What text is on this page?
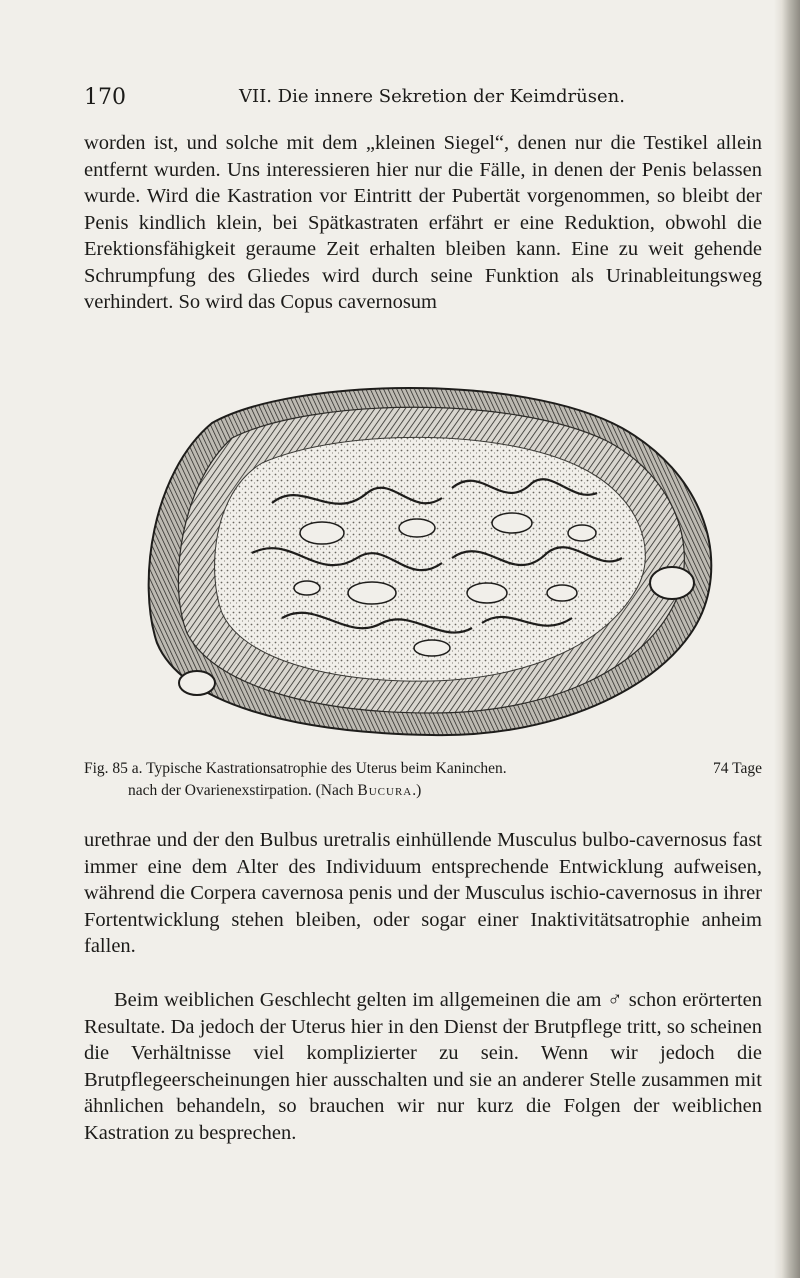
170	VII. Die innere Sekretion der Keimdrüsen.

worden ist, und solche mit dem „kleinen Siegel“, denen nur die Testikel allein entfernt wurden. Uns interessieren hier nur die Fälle, in denen der Penis belassen wurde. Wird die Kastration vor Eintritt der Pubertät vorgenommen, so bleibt der Penis kindlich klein, bei Spätkastraten erfährt er eine Reduktion, obwohl die Erektionsfähigkeit geraume Zeit erhalten bleiben kann. Eine zu weit gehende Schrumpfung des Gliedes wird durch seine Funktion als Urinableitungsweg verhindert. So wird das Copus cavernosum

Fig. 85 a. Typische Kastrationsatrophie des Uterus beim Kaninchen.	74 Tage
nach der Ovarienexstirpation. (Nach Bucura.)

urethrae und der den Bulbus uretralis einhüllende Musculus bulbo-cavernosus fast immer eine dem Alter des Individuum entsprechende Entwicklung aufweisen, während die Corpera cavernosa penis und der Musculus ischio-cavernosus in ihrer Fortentwicklung stehen bleiben, oder sogar einer Inaktivitätsatrophie anheim fallen.

Beim weiblichen Geschlecht gelten im allgemeinen die am ♂ schon erörterten Resultate. Da jedoch der Uterus hier in den Dienst der Brutpflege tritt, so scheinen die Verhältnisse viel komplizierter zu sein. Wenn wir jedoch die Brutpflegeerscheinungen hier ausschalten und sie an anderer Stelle zusammen mit ähnlichen behandeln, so brauchen wir nur kurz die Folgen der weiblichen Kastration zu besprechen.
